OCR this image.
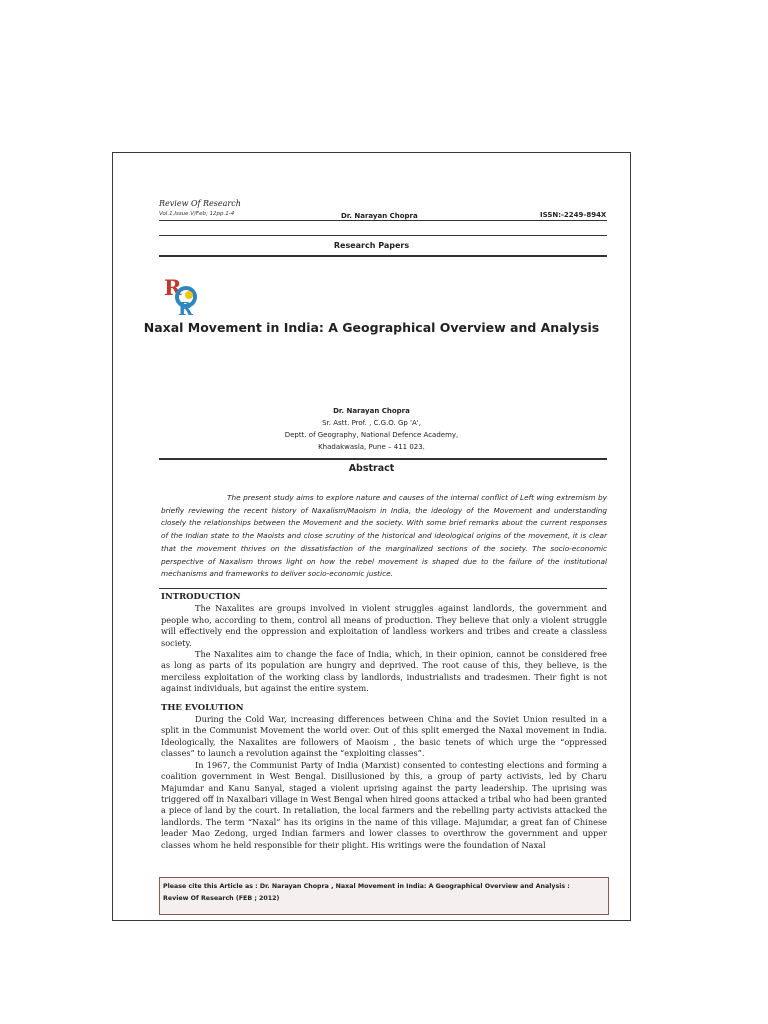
Review Of Research
Vol.1,Issue.V/Feb; 12pp.1-4	Dr. Narayan Chopra	ISSN:-2249-894X
Research Papers
R
R
Naxal Movement in India: A Geographical Overview and Analysis
Dr. Narayan Chopra
Sr. Astt. Prof. , C.G.O. Gp 'A',
Deptt. of Geography, National Defence Academy,
Khadakwasla, Pune – 411 023.
Abstract

The present study aims to explore nature and causes of the internal conflict of Left wing extremism by briefly reviewing the recent history of Naxalism/Maoism in India, the ideology of the Movement and understanding closely the relationships between the Movement and the society. With some brief remarks about the current responses of the Indian state to the Maoists and close scrutiny of the historical and ideological origins of the movement, it is clear that the movement thrives on the dissatisfaction of the marginalized sections of the society. The socio-economic perspective of Naxalism throws light on how the rebel movement is shaped due to the failure of the institutional mechanisms and frameworks to deliver socio-economic justice.

INTRODUCTION

The Naxalites are groups involved in violent struggles against landlords, the government and people who, according to them, control all means of production. They believe that only a violent struggle will effectively end the oppression and exploitation of landless workers and tribes and create a classless society.

The Naxalites aim to change the face of India, which, in their opinion, cannot be considered free as long as parts of its population are hungry and deprived. The root cause of this, they believe, is the merciless exploitation of the working class by landlords, industrialists and tradesmen. Their fight is not against individuals, but against the entire system.

THE EVOLUTION

During the Cold War, increasing differences between China and the Soviet Union resulted in a split in the Communist Movement the world over. Out of this split emerged the Naxal movement in India. Ideologically, the Naxalites are followers of Maoism , the basic tenets of which urge the “oppressed classes” to launch a revolution against the “exploiting classes”.

In 1967, the Communist Party of India (Marxist) consented to contesting elections and forming a coalition government in West Bengal. Disillusioned by this, a group of party activists, led by Charu Majumdar and Kanu Sanyal, staged a violent uprising against the party leadership. The uprising was triggered off in Naxalbari village in West Bengal when hired goons attacked a tribal who had been granted a piece of land by the court. In retaliation, the local farmers and the rebelling party activists attacked the landlords. The term “Naxal” has its origins in the name of this village. Majumdar, a great fan of Chinese leader Mao Zedong, urged Indian farmers and lower classes to overthrow the government and upper classes whom he held responsible for their plight. His writings were the foundation of Naxal

Please cite this Article as : Dr. Narayan Chopra , Naxal Movement in India: A Geographical Overview and Analysis :
Review Of Research (FEB ; 2012)
